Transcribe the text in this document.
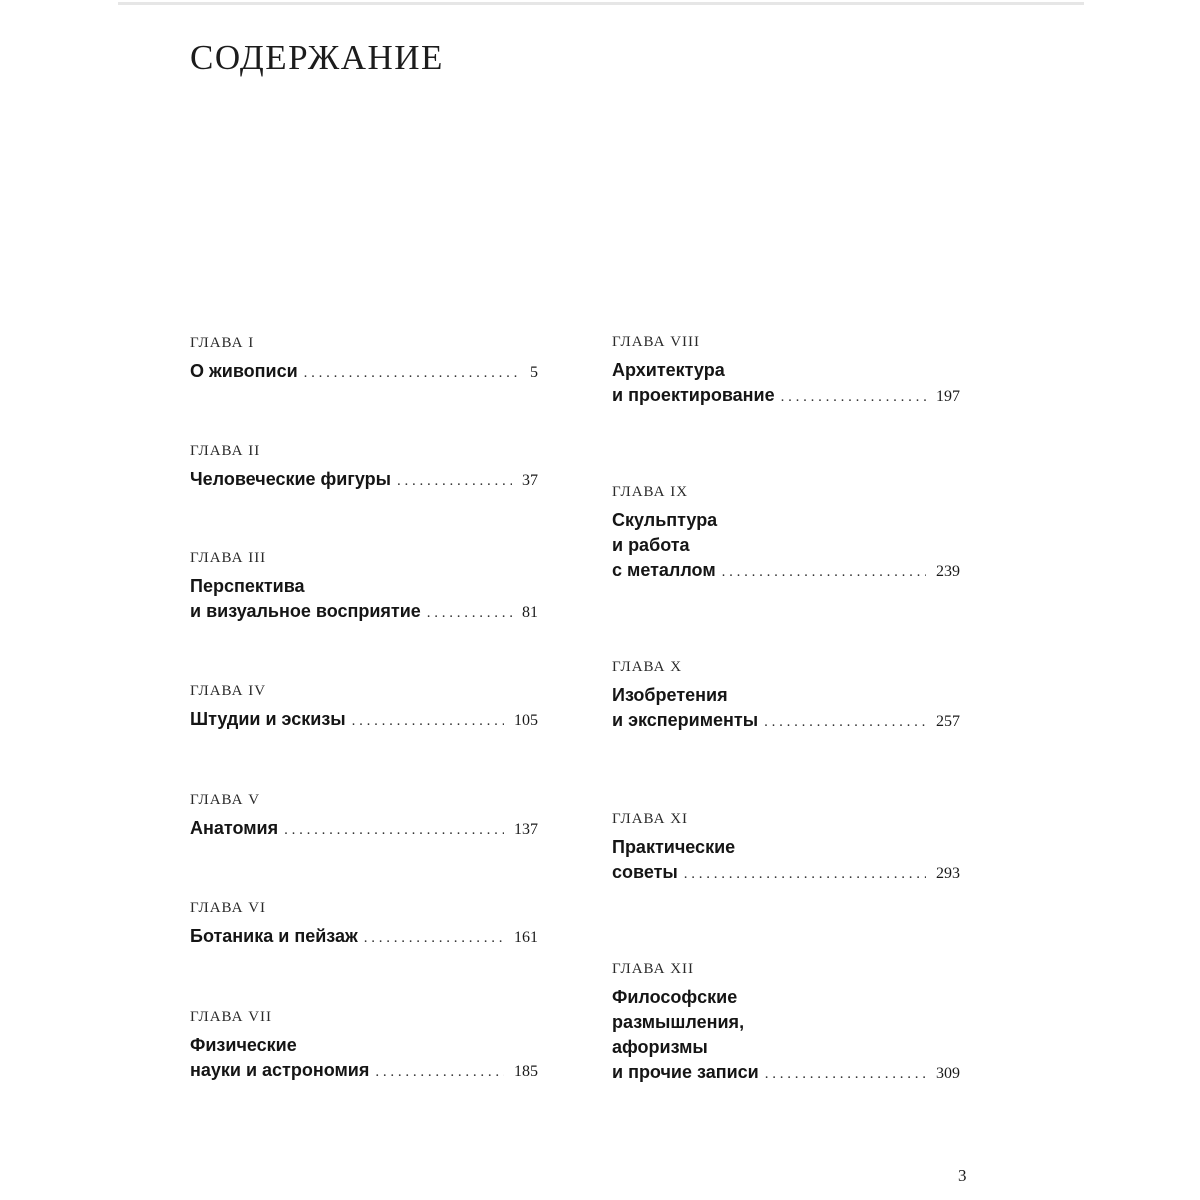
СОДЕРЖАНИЕ
ГЛАВА I
О живописи . . .	5
ГЛАВА II
Человеческие фигуры . . .	37
ГЛАВА III
Перспектива
и визуальное восприятие . . .	81
ГЛАВА IV
Штудии и эскизы . . .	105
ГЛАВА V
Анатомия . . .	137
ГЛАВА VI
Ботаника и пейзаж . . .	161
ГЛАВА VII
Физические
науки и астрономия . . .	185
ГЛАВА VIII
Архитектура
и проектирование . . .	197
ГЛАВА IX
Скульптура
и работа
с металлом . . .	239
ГЛАВА X
Изобретения
и эксперименты . . .	257
ГЛАВА XI
Практические
советы . . .	293
ГЛАВА XII
Философские
размышления,
афоризмы
и прочие записи . . .	309
3
